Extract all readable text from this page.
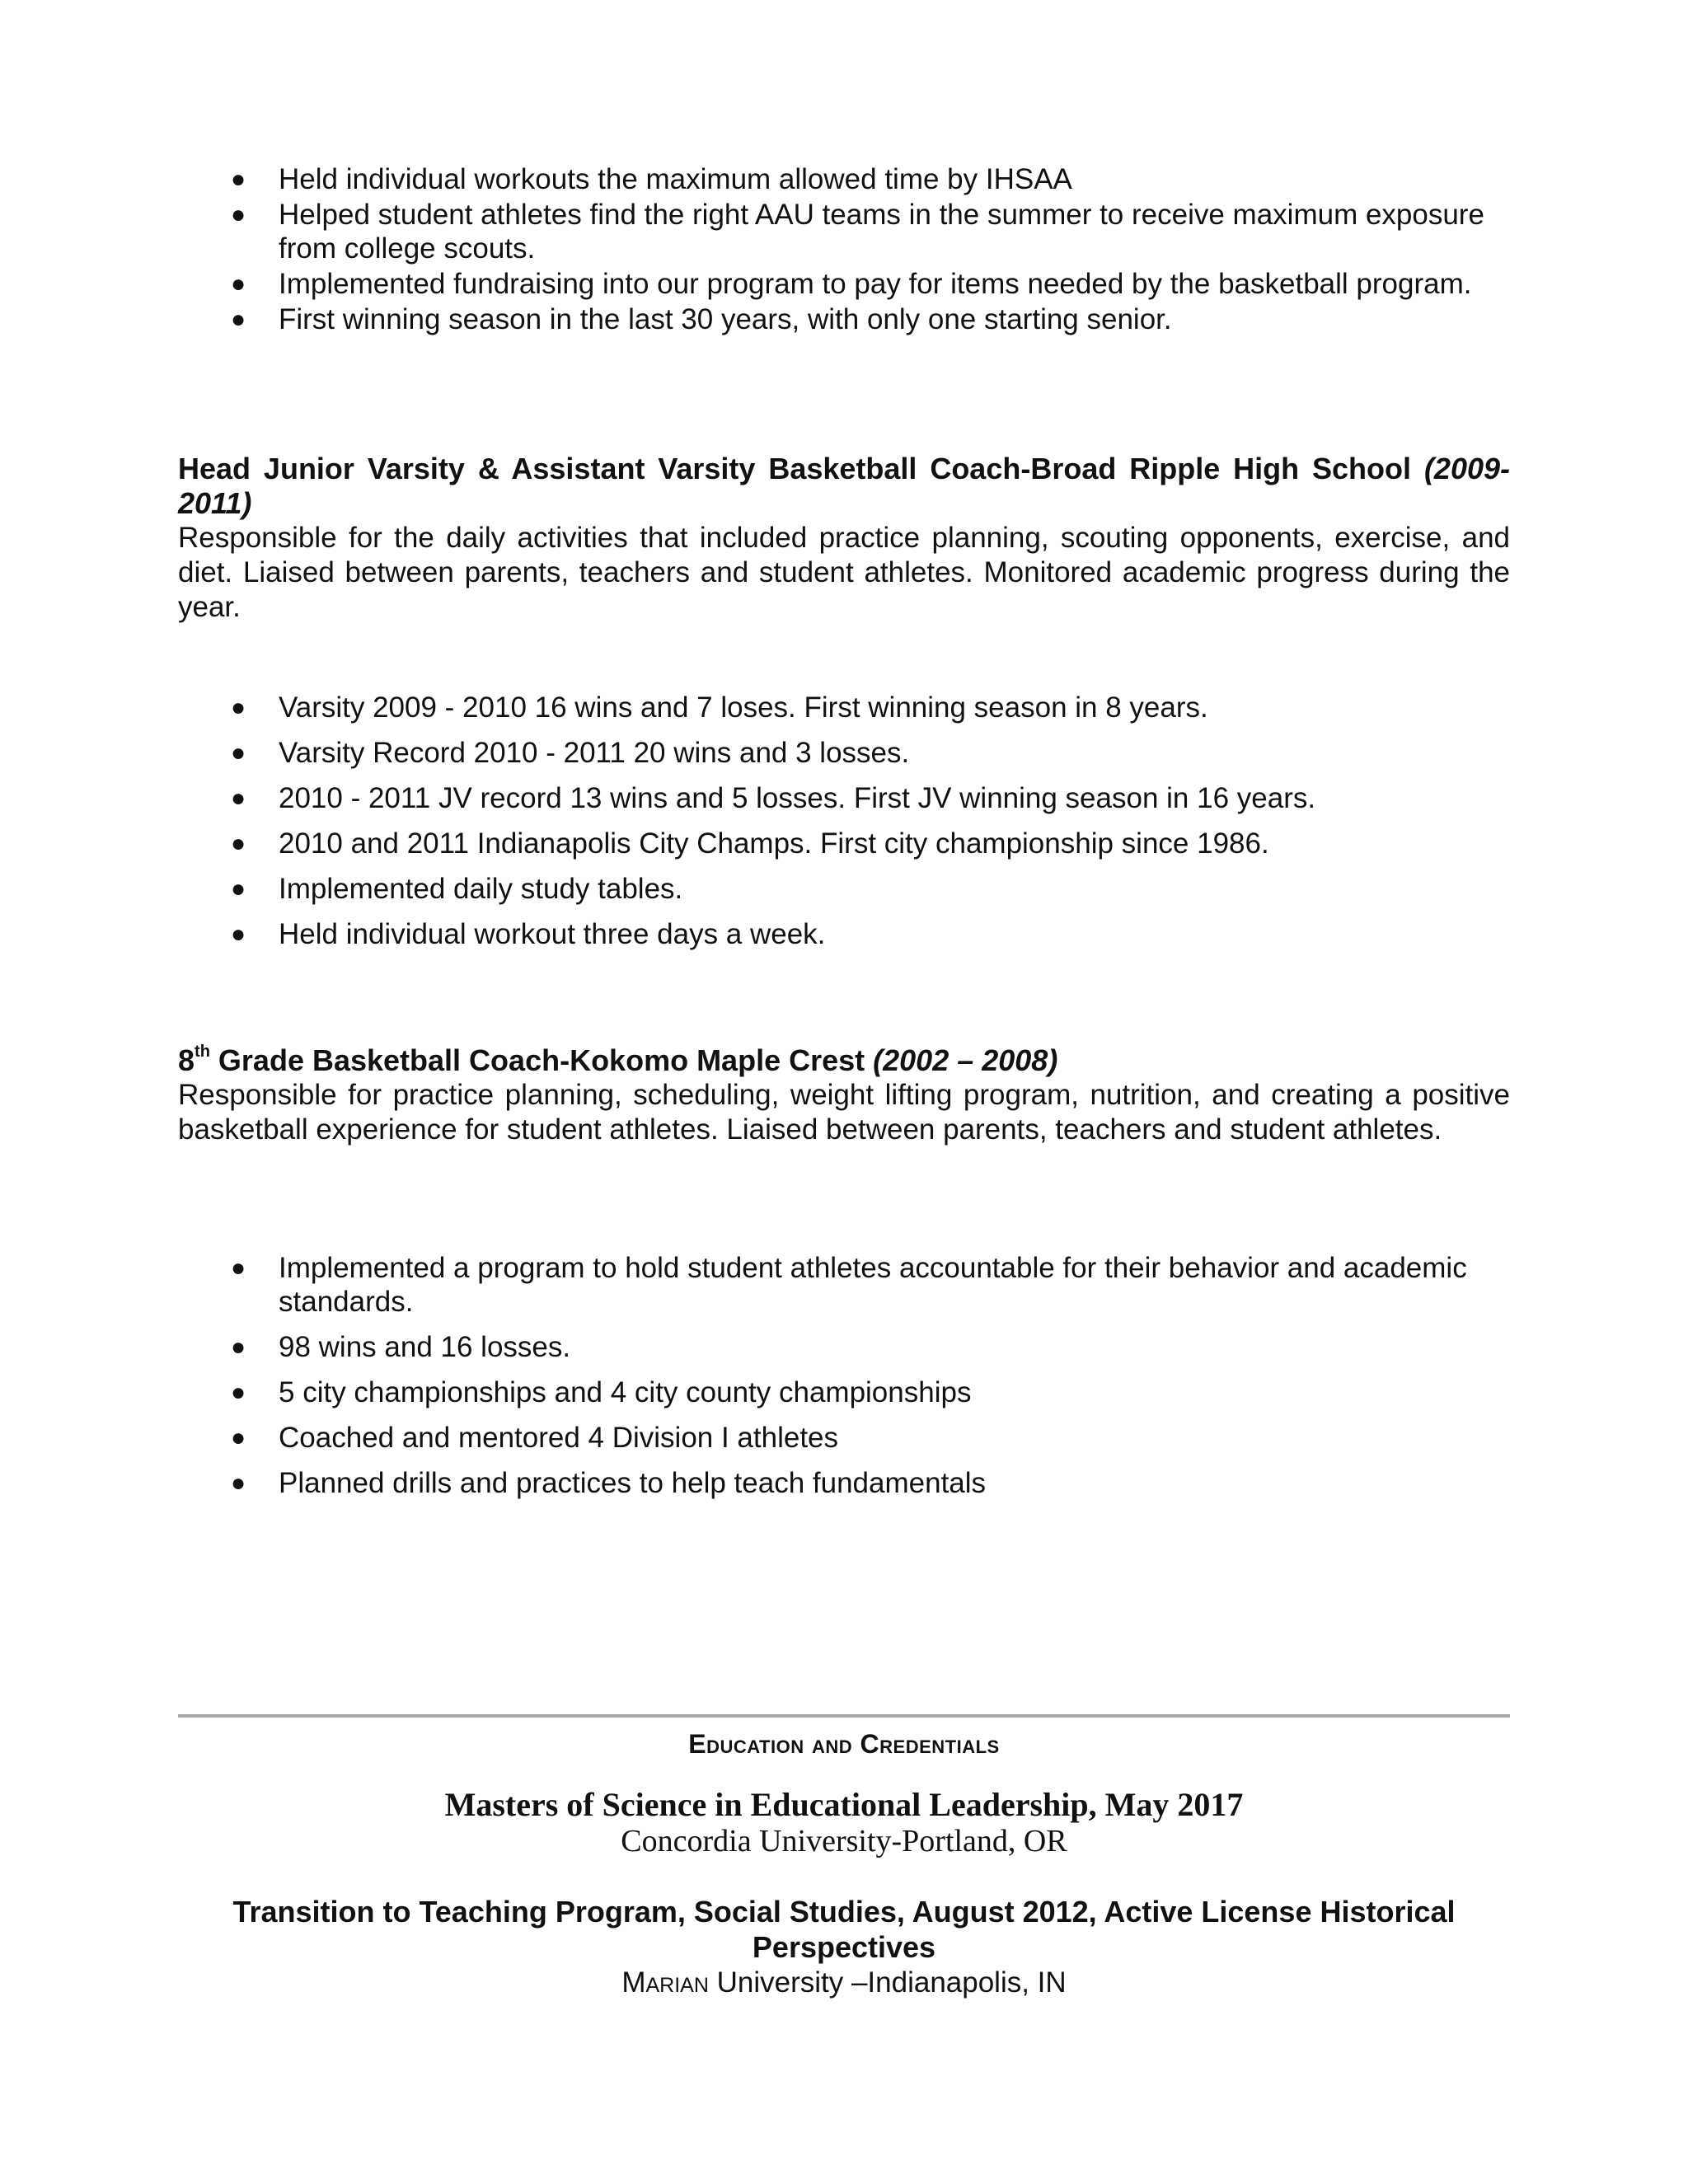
● Held individual workouts the maximum allowed time by IHSAA
● Helped student athletes find the right AAU teams in the summer to receive maximum exposure from college scouts.
● Implemented fundraising into our program to pay for items needed by the basketball program.
● First winning season in the last 30 years, with only one starting senior.
Head Junior Varsity & Assistant Varsity Basketball Coach-Broad Ripple High School (2009-2011)
Responsible for the daily activities that included practice planning, scouting opponents, exercise, and diet. Liaised between parents, teachers and student athletes. Monitored academic progress during the year.
● Varsity 2009 - 2010 16 wins and 7 loses. First winning season in 8 years.
● Varsity Record 2010 - 2011 20 wins and 3 losses.
● 2010 - 2011 JV record 13 wins and 5 losses. First JV winning season in 16 years.
● 2010 and 2011 Indianapolis City Champs. First city championship since 1986.
● Implemented daily study tables.
● Held individual workout three days a week.
8th Grade Basketball Coach-Kokomo Maple Crest (2002 – 2008)
Responsible for practice planning, scheduling, weight lifting program, nutrition, and creating a positive basketball experience for student athletes. Liaised between parents, teachers and student athletes.
● Implemented a program to hold student athletes accountable for their behavior and academic standards.
● 98 wins and 16 losses.
● 5 city championships and 4 city county championships
● Coached and mentored 4 Division I athletes
● Planned drills and practices to help teach fundamentals
Education and Credentials
Masters of Science in Educational Leadership, May 2017
Concordia University-Portland, OR
Transition to Teaching Program, Social Studies, August 2012, Active License Historical Perspectives
Marian University –Indianapolis, IN
